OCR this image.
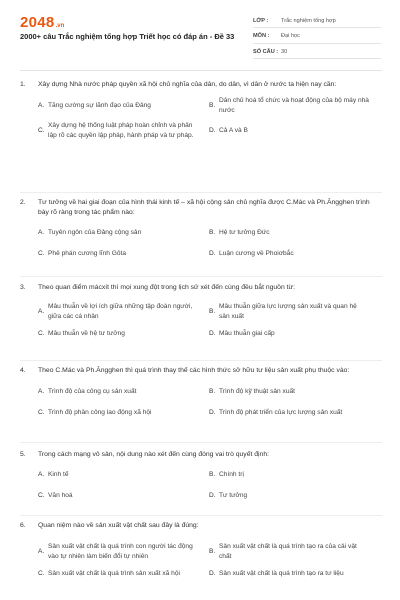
2048 .vn
2000+ câu Trắc nghiệm tổng hợp Triết học có đáp án - Đề 33
LỚP :	Trắc nghiệm tổng hợp
MÔN :	Đại học
SỐ CÂU : 30
1.	Xây dựng Nhà nước pháp quyền xã hội chủ nghĩa của dân, do dân, vì dân ở nước ta hiện nay cần:
A. Tăng cường sự lãnh đạo của Đảng	B.
Dân chủ hoá tổ chức và hoạt động của bộ máy nhà nước
C.
Xây dựng hệ thống luật pháp hoàn chỉnh và phân lập rõ các quyền lập pháp, hành pháp và tư pháp.
D. Cả A và B
2.	Tư tưởng về hai giai đoạn của hình thái kinh tế – xã hội cộng sản chủ nghĩa được C.Mác và Ph.Ăngghen trình bày rõ ràng trong tác phẩm nào:
A. Tuyên ngôn của Đảng cộng sản	B. Hệ tư tưởng Đức
C. Phê phán cương lĩnh Gôta	D. Luận cương về Phoiơbắc
3.	Theo quan điểm mácxít thì mọi xung đột trong lịch sử xét đến cùng đều bắt nguồn từ:
A.
Mâu thuẫn về lợi ích giữa những tập đoàn người, giữa các cá nhân
B.
Mâu thuẫn giữa lực lượng sản xuất và quan hệ sản xuất
C. Mâu thuẫn về hệ tư tưởng	D. Mâu thuẫn giai cấp
4.	Theo C.Mác và Ph.Ăngghen thì quá trình thay thế các hình thức sở hữu tư liệu sản xuất phụ thuộc vào:
A. Trình độ của công cụ sản xuất	B. Trình độ kỹ thuật sản xuất
C. Trình độ phân công lao động xã hội	D. Trình độ phát triển của lực lượng sản xuất
5.	Trong cách mạng vô sản, nội dung nào xét đến cùng đóng vai trò quyết định:
A. Kinh tế	B. Chính trị
C. Văn hoá	D. Tư tưởng
6.	Quan niệm nào về sản xuất vật chất sau đây là đúng:
A.
Sản xuất vật chất là quá trình con người tác động vào tự nhiên làm biến đổi tự nhiên
B.
Sản xuất vật chất là quá trình tạo ra của cải vật chất
C. Sản xuất vật chất là quá trình sản xuất xã hội	D. Sản xuất vật chất là quá trình tạo ra tư liệu
